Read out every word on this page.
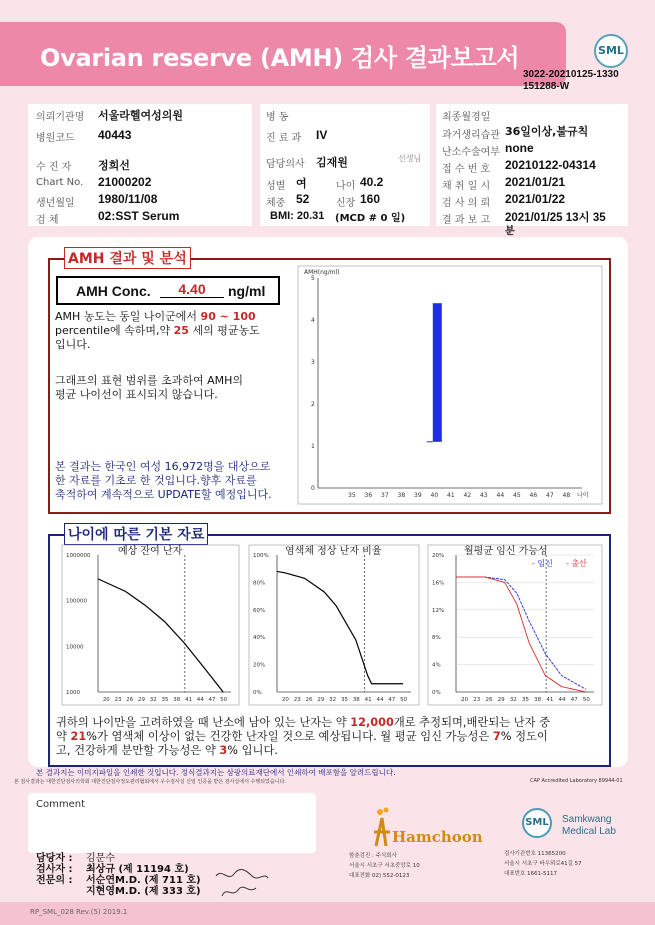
Ovarian reserve (AMH) 검사 결과보고서	SML
3022-20210125-1330
151288-W
의뢰기관명 서울라헬여성의원
병원코드 40443
수 진 자 정희선
Chart No. 21000202
생년월일 1980/11/08
검 체	02:SST Serum
병 동
진 료 과 IV
담당의사 김재원	선생님
성별 여	나이 40.2
체중 52	신장 160
BMI: 20.31 (MCD # 0 일)
최종월경일
과거생리습관 36일이상,불규칙
난소수술여부 none
접 수 번 호 20210122-04314
채 취 일 시 2021/01/21
검 사 의 뢰 2021/01/22
결 과 보 고 2021/01/25 13시 35
분
AMH 결과 및 분석
AMH Conc.	4.40	ng/ml
AMH 농도는 동일 나이군에서 90 ~ 100
percentile에 속하며,약 25 세의 평균농도
입니다.
그래프의 표현 범위를 초과하여 AMH의
평균 나이선이 표시되지 않습니다.
본 결과는 한국인 여성 16,972명을 대상으로
한 자료를 기초로 한 것입니다.향후 자료를
축적하여 계속적으로 UPDATE할 예정입니다.
AMH(ng/ml)
0
1
2
3
4
5
35 36 37 38 39 40 41 42 43 44 45 46 47 48 나이
나이에 따른 기본 자료
예상 잔여 난자
1000000
100000
10000
1000
20 23 26 29 32 35 38 41 44 47 50
염색체 정상 난자 비율
100%
80%
60%
40%
20%
0%
20 23 26 29 32 35 38 41 44 47 50
월평균 임신 가능성
20%
16%
12%
8%
4%
0%
20 23 26 29 32 35 38 41 44 47 50
- 임신 - 출산
귀하의 나이만을 고려하였을 때 난소에 남아 있는 난자는 약 12,000개로 추정되며,배란되는 난자 중
약 21%가 염색체 이상이 없는 건강한 난자일 것으로 예상됩니다. 월 평균 임신 가능성은 7% 정도이
고, 건강하게 분만할 가능성은 약 3% 입니다.
본 결과지는 이미지파일을 인쇄한 것입니다. 정식결과지는 삼광의료재단에서 인쇄하여 배포함을 알려드립니다.
본 검사결과는 대한진단검사의학회 대한진단검사정도관리협회에서 우수검사실 신임 인증을 받은 검사실에서 수행되었습니다.	CAP Accredited Laboratory 89944-01
Comment
담당자 : 김문수
검사자 : 최상규 (제 11194 호)
전문의 : 서순연M.D. (제 711 호)
지현영M.D. (제 333 호)
Hamchoon
함춘검진 : 주식회사
서울시 서초구 서초중앙로 10
대표전화 02) 552-0123
SML	Samkwang
Medical Lab
검사기관번호 11365200
서울시 서초구 바우뫼로41길 57
대표번호 1661-5117
RP_SML_028 Rev.(5) 2019.1
